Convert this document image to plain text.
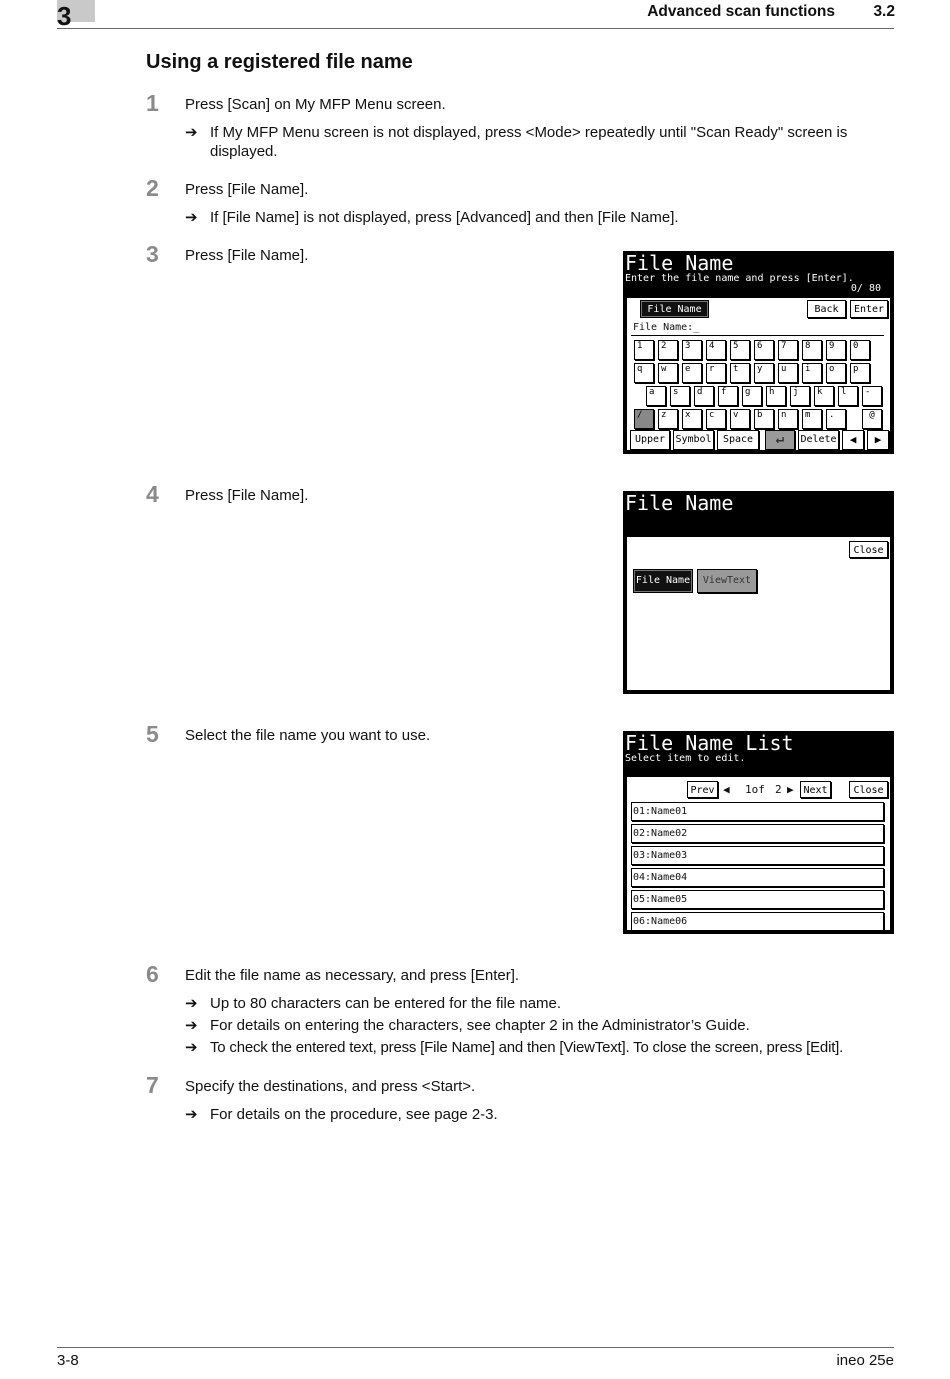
3	Advanced scan functions	3.2
Using a registered file name
1 Press [Scan] on My MFP Menu screen.
➔ If My MFP Menu screen is not displayed, press <Mode> repeatedly until "Scan Ready" screen is displayed.
2 Press [File Name].
➔ If [File Name] is not displayed, press [Advanced] and then [File Name].
3 Press [File Name].	File Name
Enter the file name and press [Enter].
0/ 80
File Name	Back	Enter
File Name:_
1	2	3	4	5	6	7	8	9	0
q	w	e	r	t	y	u	i	o	p
a	s	d	f	g	h	j	k	l	-
/	z	x	c	v	b	n	m	.	@
Upper	Symbol	Space	↵	Delete	◀	▶
4 Press [File Name].	File Name
Close
File Name	ViewText
5 Select the file name you want to use.	File Name List
Select item to edit.
Prev ◀ 1of 2 ▶ Next	Close
01:Name01
02:Name02
03:Name03
04:Name04
05:Name05
06:Name06
6 Edit the file name as necessary, and press [Enter].
➔ Up to 80 characters can be entered for the file name.
➔ For details on entering the characters, see chapter 2 in the Administrator’s Guide.
➔ To check the entered text, press [File Name] and then [ViewText]. To close the screen, press [Edit].
7 Specify the destinations, and press <Start>.
➔ For details on the procedure, see page 2-3.
3-8	ineo 25e
